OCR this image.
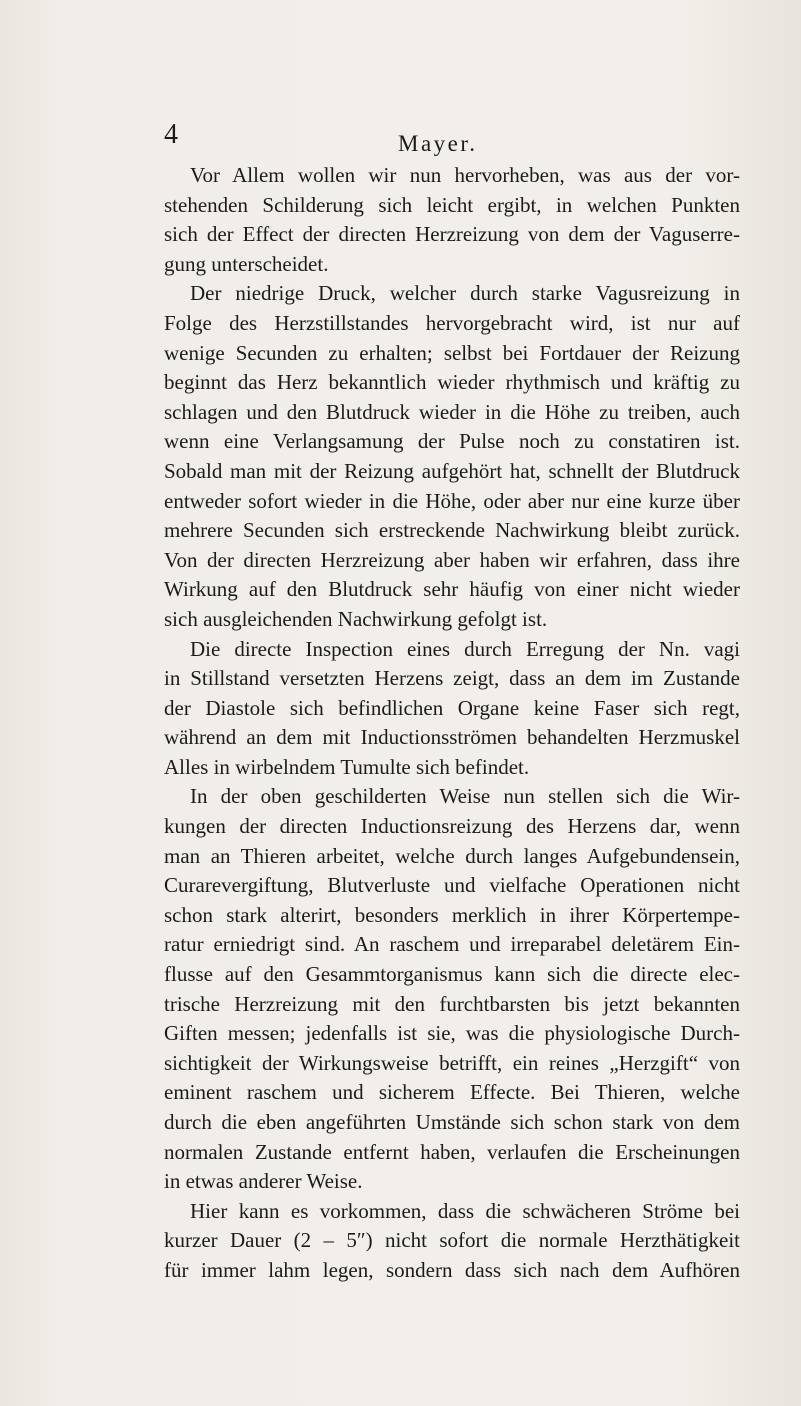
4	Mayer.
Vor Allem wollen wir nun hervorheben, was aus der vor-
stehenden Schilderung sich leicht ergibt, in welchen Punkten
sich der Effect der directen Herzreizung von dem der Vaguserre-
gung unterscheidet.
Der niedrige Druck, welcher durch starke Vagusreizung in
Folge des Herzstillstandes hervorgebracht wird, ist nur auf
wenige Secunden zu erhalten; selbst bei Fortdauer der Reizung
beginnt das Herz bekanntlich wieder rhythmisch und kräftig zu
schlagen und den Blutdruck wieder in die Höhe zu treiben, auch
wenn eine Verlangsamung der Pulse noch zu constatiren ist.
Sobald man mit der Reizung aufgehört hat, schnellt der Blutdruck
entweder sofort wieder in die Höhe, oder aber nur eine kurze über
mehrere Secunden sich erstreckende Nachwirkung bleibt zurück.
Von der directen Herzreizung aber haben wir erfahren, dass ihre
Wirkung auf den Blutdruck sehr häufig von einer nicht wieder
sich ausgleichenden Nachwirkung gefolgt ist.
Die directe Inspection eines durch Erregung der Nn. vagi
in Stillstand versetzten Herzens zeigt, dass an dem im Zustande
der Diastole sich befindlichen Organe keine Faser sich regt,
während an dem mit Inductionsströmen behandelten Herzmuskel
Alles in wirbelndem Tumulte sich befindet.
In der oben geschilderten Weise nun stellen sich die Wir-
kungen der directen Inductionsreizung des Herzens dar, wenn
man an Thieren arbeitet, welche durch langes Aufgebundensein,
Curarevergiftung, Blutverluste und vielfache Operationen nicht
schon stark alterirt, besonders merklich in ihrer Körpertempe-
ratur erniedrigt sind. An raschem und irreparabel deletärem Ein-
flusse auf den Gesammtorganismus kann sich die directe elec-
trische Herzreizung mit den furchtbarsten bis jetzt bekannten
Giften messen; jedenfalls ist sie, was die physiologische Durch-
sichtigkeit der Wirkungsweise betrifft, ein reines „Herzgift“ von
eminent raschem und sicherem Effecte. Bei Thieren, welche
durch die eben angeführten Umstände sich schon stark von dem
normalen Zustande entfernt haben, verlaufen die Erscheinungen
in etwas anderer Weise.
Hier kann es vorkommen, dass die schwächeren Ströme bei
kurzer Dauer (2 – 5″) nicht sofort die normale Herzthätigkeit
für immer lahm legen, sondern dass sich nach dem Aufhören
